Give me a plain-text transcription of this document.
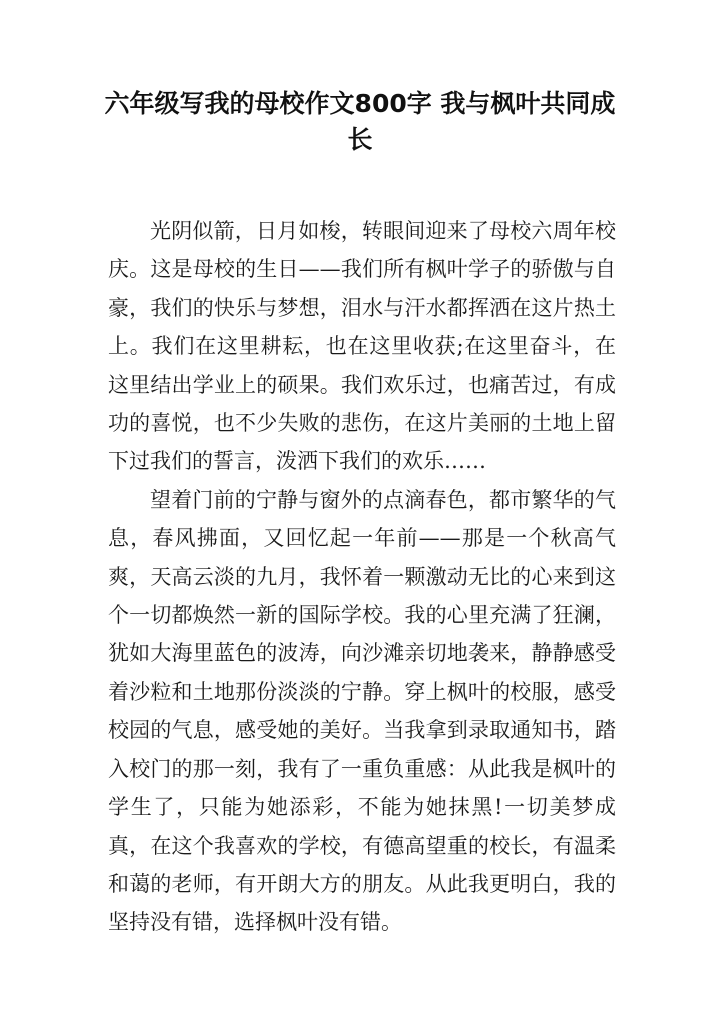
六年级写我的母校作文800字 我与枫叶共同成长

光阴似箭，日月如梭，转眼间迎来了母校六周年校庆。这是母校的生日——我们所有枫叶学子的骄傲与自豪，我们的快乐与梦想，泪水与汗水都挥洒在这片热土上。我们在这里耕耘，也在这里收获;在这里奋斗，在这里结出学业上的硕果。我们欢乐过，也痛苦过，有成功的喜悦，也不少失败的悲伤，在这片美丽的土地上留下过我们的誓言，泼洒下我们的欢乐……

望着门前的宁静与窗外的点滴春色，都市繁华的气息，春风拂面，又回忆起一年前——那是一个秋高气爽，天高云淡的九月，我怀着一颗激动无比的心来到这个一切都焕然一新的国际学校。我的心里充满了狂澜，犹如大海里蓝色的波涛，向沙滩亲切地袭来，静静感受着沙粒和土地那份淡淡的宁静。穿上枫叶的校服，感受校园的气息，感受她的美好。当我拿到录取通知书，踏入校门的那一刻，我有了一重负重感：从此我是枫叶的学生了，只能为她添彩，不能为她抹黑!一切美梦成真，在这个我喜欢的学校，有德高望重的校长，有温柔和蔼的老师，有开朗大方的朋友。从此我更明白，我的坚持没有错，选择枫叶没有错。
